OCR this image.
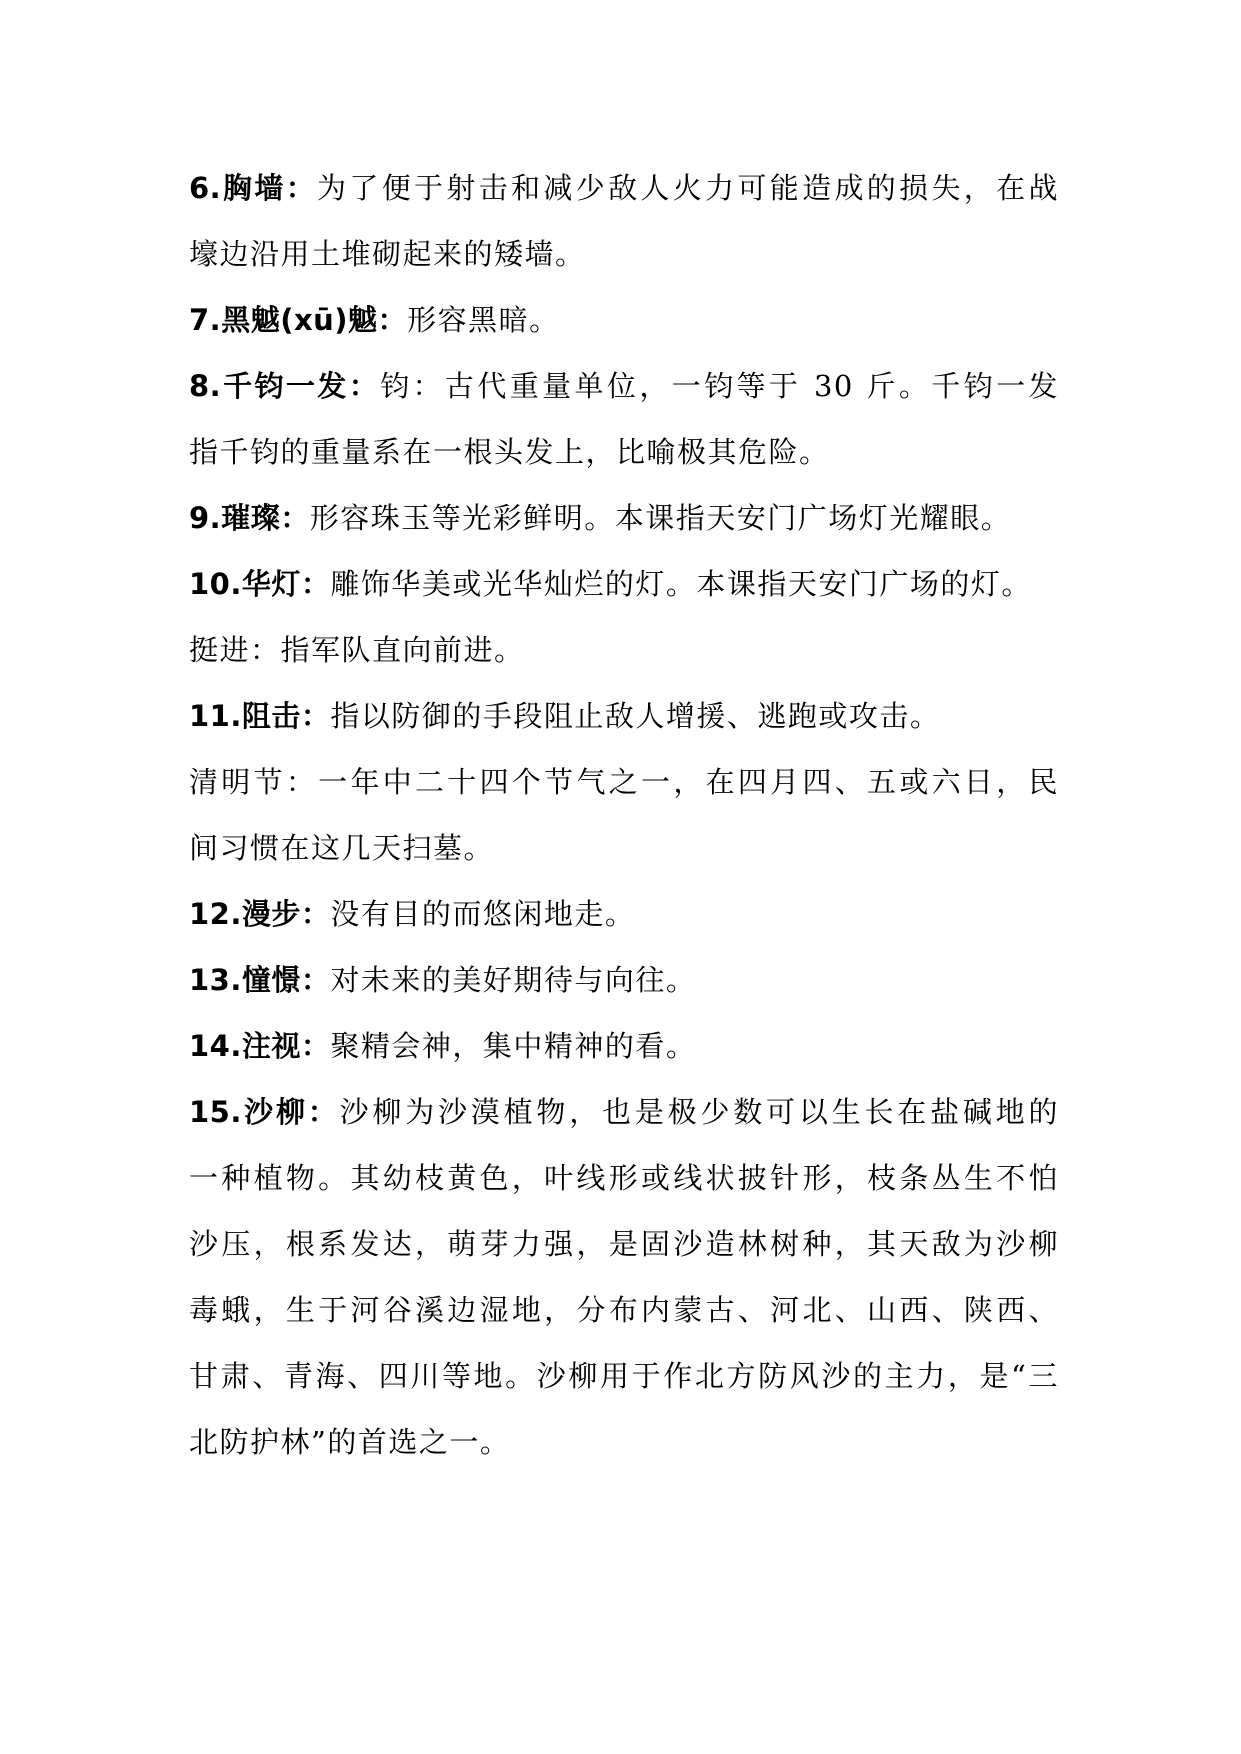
6.胸墙：为了便于射击和减少敌人火力可能造成的损失，在战
壕边沿用土堆砌起来的矮墙。
7.黑魆(xū)魆：形容黑暗。
8.千钧一发：钧：古代重量单位，一钧等于 30 斤。千钧一发
指千钧的重量系在一根头发上，比喻极其危险。
9.璀璨：形容珠玉等光彩鲜明。本课指天安门广场灯光耀眼。
10.华灯：雕饰华美或光华灿烂的灯。本课指天安门广场的灯。
挺进：指军队直向前进。
11.阻击：指以防御的手段阻止敌人增援、逃跑或攻击。
清明节：一年中二十四个节气之一，在四月四、五或六日，民
间习惯在这几天扫墓。
12.漫步：没有目的而悠闲地走。
13.憧憬：对未来的美好期待与向往。
14.注视：聚精会神，集中精神的看。
15.沙柳：沙柳为沙漠植物，也是极少数可以生长在盐碱地的
一种植物。其幼枝黄色，叶线形或线状披针形，枝条丛生不怕
沙压，根系发达，萌芽力强，是固沙造林树种，其天敌为沙柳
毒蛾，生于河谷溪边湿地，分布内蒙古、河北、山西、陕西、
甘肃、青海、四川等地。沙柳用于作北方防风沙的主力，是“三
北防护林”的首选之一。
